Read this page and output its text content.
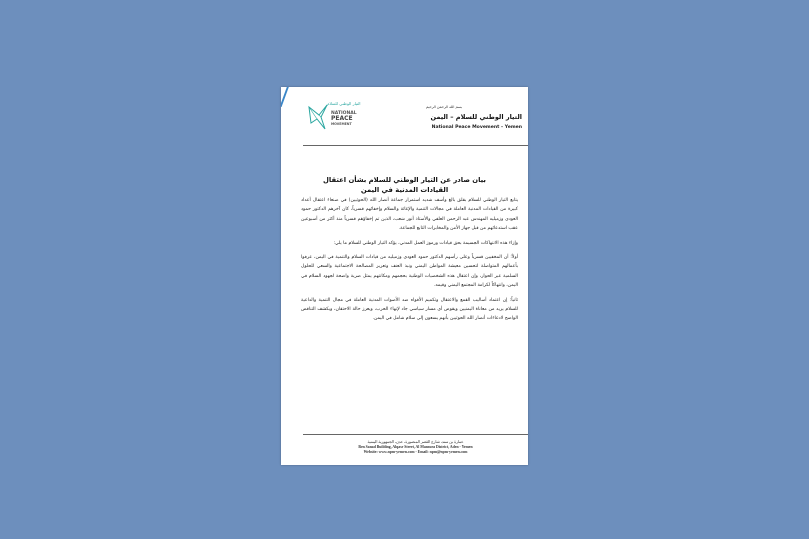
التيار الوطني للسلام
NATIONAL
PEACE
MOVEMENT
بسم الله الرحمن الرحيم
التيار الوطني للسلام – اليمن
National Peace Movement – Yemen
بيان صادر عن التيار الوطني للسلام بشأن اعتقال
القيادات المدنية في اليمن

يتابع التيار الوطني للسلام بقلق بالغ وأسف شديد استمرار جماعة أنصار الله (الحوثيين) في صنعاء اعتقال أعداد كبيرة من القيادات المدنية العاملة في مجالات التنمية والإغاثة والسلام وإخفائهم قسرياً، كان آخرهم الدكتور حمود العودي وزميليه المهندس عبد الرحمن العلفي والأستاذ أنور شعب، الذين تم إخفاؤهم قسرياً منذ أكثر من أسبوعين عقب استدعائهم من قبل جهاز الأمن والمخابرات التابع للجماعة.

وإزاء هذه الانتهاكات الجسيمة بحق قيادات ورموز العمل المدني، يؤكد التيار الوطني للسلام ما يلي:

أولاً: أن المخفيين قسرياً وعلى رأسهم الدكتور حمود العودي وزميليه من قيادات السلام والتنمية في اليمن، عرفوا بأعمالهم المتواصلة لتحسين معيشة المواطن اليمني ونبذ العنف وتعزيز المصالحة الاجتماعية والسعي للحلول السلمية عبر الحوار، وإن اعتقال هذه الشخصيات الوطنية بحجمهم ومكانتهم يمثل ضربة واضحة لجهود السلام في اليمن، وانتهاكاً لكرامة المجتمع اليمني وقيمه.

ثانياً: إن اعتماد أساليب القمع والاعتقال وتكميم الأفواه ضد الأصوات المدنية العاملة في مجال التنمية والداعية للسلام يزيد من معاناة اليمنيين ويقوض أي مسار سياسي جاد لإنهاء الحرب، ويعزز حالة الاحتقان، ويكشف التناقض الواضح لادعاءات أنصار الله الحوثيين بأنهم يسعون إلى سلام شامل في اليمن.

عمارة بن سند، شارع القصر المنصورة، عدن، الجمهورية اليمنية
Ben Sanad Building, Alqasr Street, Al Mansura District, Aden - Yemen
Website: www.npm-yemen.com - Email: npm@npm-yemen.com
